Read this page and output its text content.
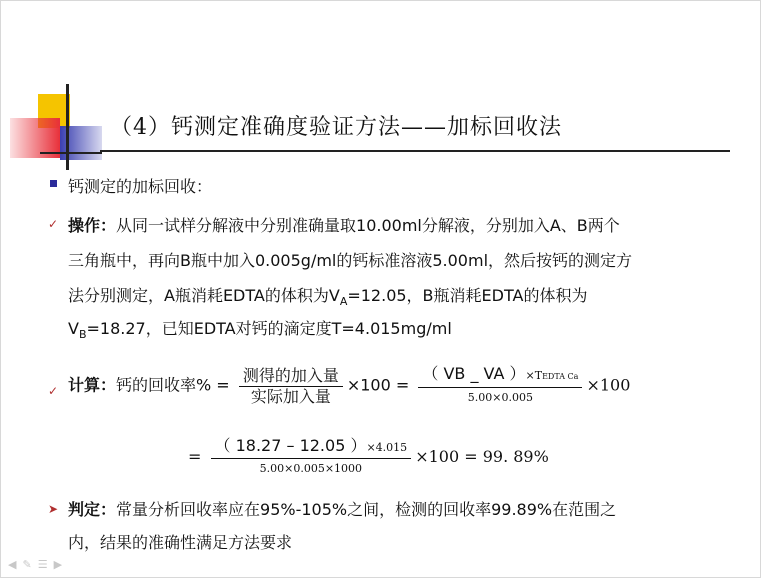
（4）钙测定准确度验证方法——加标回收法
钙测定的加标回收：
✓ 操作：从同一试样分解液中分别准确量取10.00ml分解液，分别加入A、B两个
三角瓶中，再向B瓶中加入0.005g/ml的钙标准溶液5.00ml，然后按钙的测定方
法分别测定，A瓶消耗EDTA的体积为$V_A=12.05$，B瓶消耗EDTA的体积为
$V_B=18.27$，已知EDTA对钙的滴定度T=4.015mg/ml
✓ 计算：钙的回收率% = $\frac{\text{测得的加入量}}{\text{实际加入量}} \times 100 = \frac{\text{（ VB \_ VA ）×TEDTA Ca}}{5.00\times 0.005} \times 100$
= $\frac{( 18.27 - 12.05 )\times 4.015}{5.00\times 0.005\times 1000} \times 100 = 99$. 89%
➤ 判定：常量分析回收率应在95%-105%之间，检测的回收率99.89%在范围之
内，结果的准确性满足方法要求
◀✎☰▶
